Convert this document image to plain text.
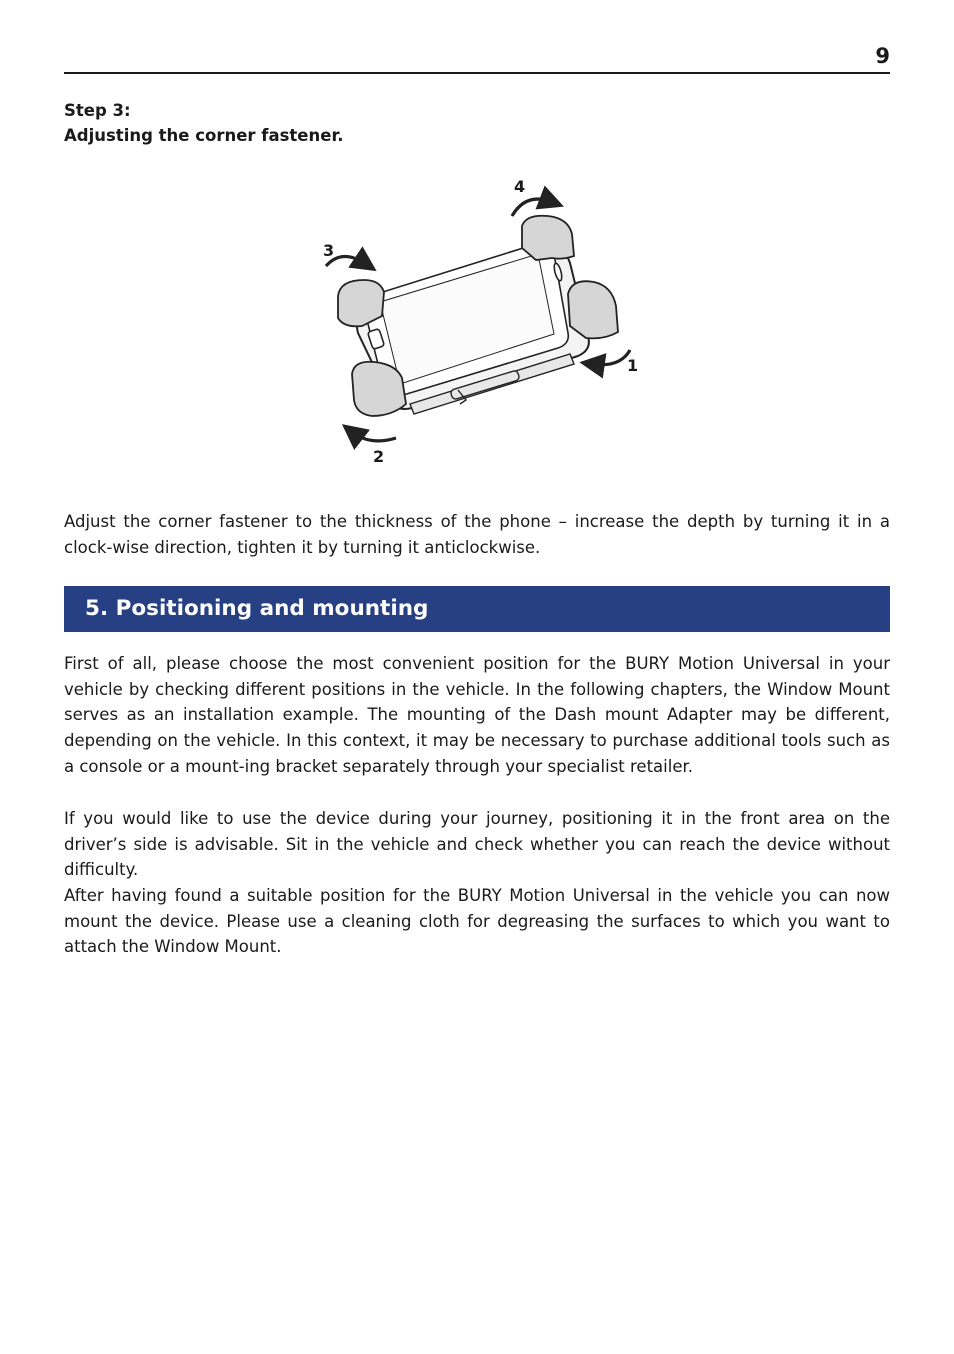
9
Step 3:
Adjusting the corner fastener.
1
2
3
4

Adjust the corner fastener to the thickness of the phone – increase the depth by turning it in a clock-wise direction, tighten it by turning it anticlockwise.

5. Positioning and mounting

First of all, please choose the most convenient position for the BURY Motion Universal in your vehicle by checking different positions in the vehicle. In the following chapters, the Window Mount serves as an installation example. The mounting of the Dash mount Adapter may be different, depending on the vehicle. In this context, it may be necessary to purchase additional tools such as a console or a mount-ing bracket separately through your specialist retailer.

If you would like to use the device during your journey, positioning it in the front area on the driver’s side is advisable. Sit in the vehicle and check whether you can reach the device without difficulty.

After having found a suitable position for the BURY Motion Universal in the vehicle you can now mount the device. Please use a cleaning cloth for degreasing the surfaces to which you want to attach the Window Mount.
